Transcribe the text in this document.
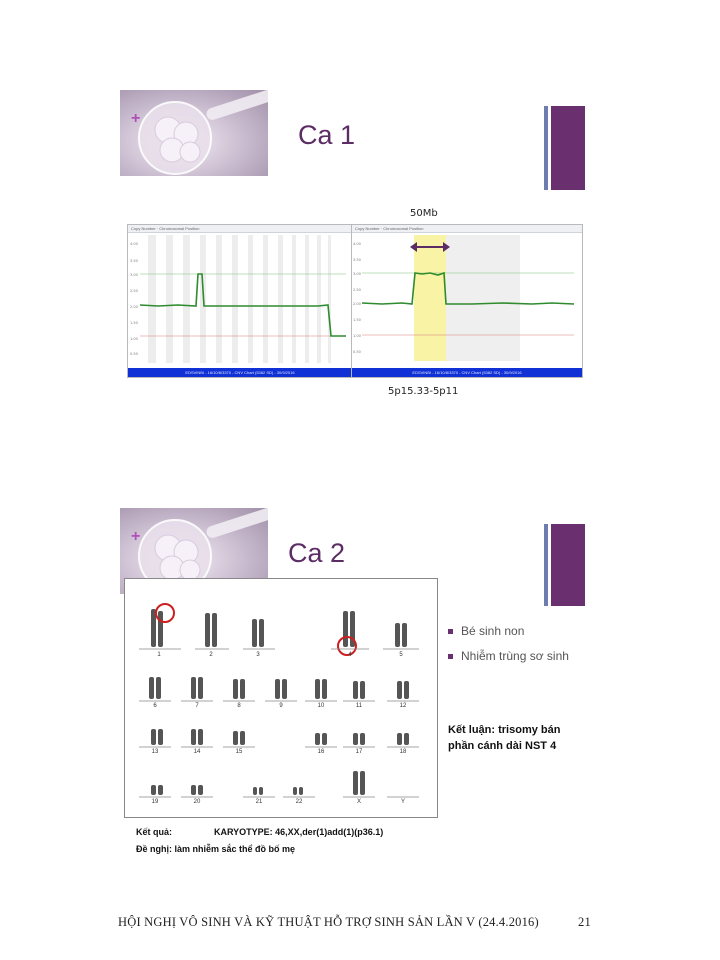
+
Ca 1
50Mb
Copy Number · Chromosomal Position
4.00
3.50
3.00
2.50
2.00
1.50
1.00
0.50
EDSVINBI - 16/10/8/3370 - CNV Chart (5382 SD) - 30/9/2016
Copy Number · Chromosomal Position
4.00
3.50
3.00
2.50
2.00
1.50
1.00
0.50
EDSVINBI - 16/10/8/3370 - CNV Chart (5382 SD) - 30/9/2016
5p15.33-5p11
+
Ca 2
1	2	3	4	5
6	7	8	9	10	11	12
13	14	15	16	17	18
19	20	21	22	X	Y
Bé sinh non
Nhiễm trùng sơ sinh
Kết luận: trisomy bán
phần cánh dài NST 4
Kết quả:	KARYOTYPE: 46,XX,der(1)add(1)(p36.1)
Đề nghị: làm nhiễm sắc thể đồ bố mẹ
HỘI NGHỊ VÔ SINH VÀ KỸ THUẬT HỖ TRỢ SINH SẢN LẦN V (24.4.2016)	21
